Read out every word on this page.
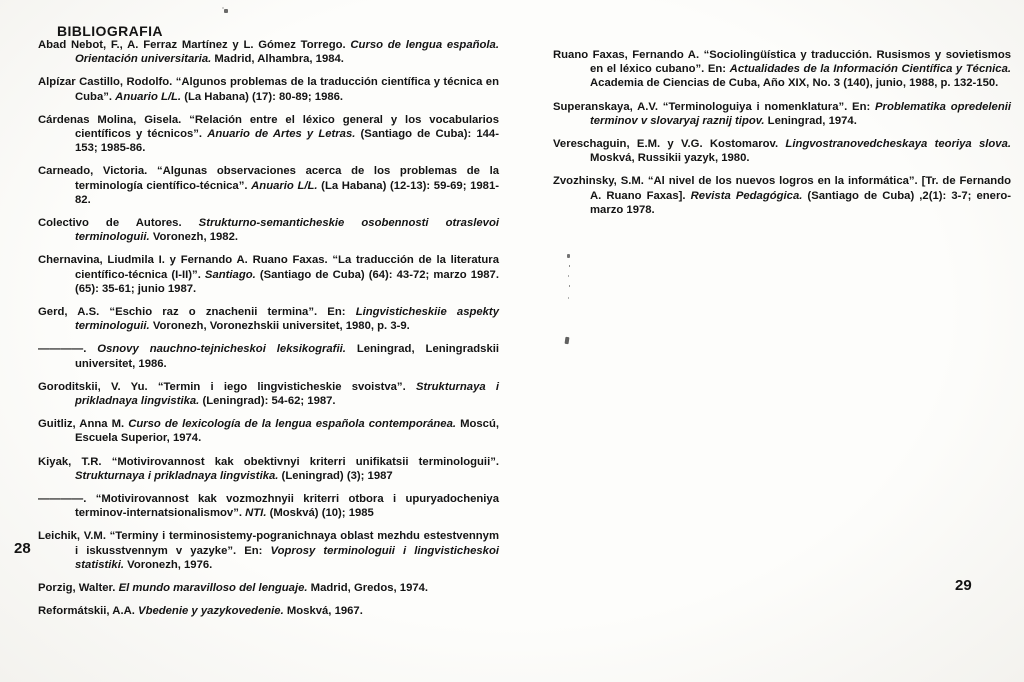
BIBLIOGRAFIA

Abad Nebot, F., A. Ferraz Martínez y L. Gómez Torrego. Curso de lengua española. Orientación universitaria. Madrid, Alhambra, 1984.

Alpízar Castillo, Rodolfo. “Algunos problemas de la traducción científica y técnica en Cuba”. Anuario L/L. (La Habana) (17): 80-89; 1986.

Cárdenas Molina, Gisela. “Relación entre el léxico general y los vocabularios científicos y técnicos”. Anuario de Artes y Letras. (Santiago de Cuba): 144-153; 1985-86.

Carneado, Victoria. “Algunas observaciones acerca de los problemas de la terminología científico-técnica”. Anuario L/L. (La Habana) (12-13): 59-69; 1981-82.

Colectivo de Autores. Strukturno-semanticheskie osobennosti otraslevoi terminologuii. Voronezh, 1982.

Chernavina, Liudmila I. y Fernando A. Ruano Faxas. “La traducción de la literatura científico-técnica (I-II)”. Santiago. (Santiago de Cuba) (64): 43-72; marzo 1987. (65): 35-61; junio 1987.

Gerd, A.S. “Eschio raz o znachenii termina”. En: Lingvisticheskiie aspekty terminologuii. Voronezh, Voronezhskii universitet, 1980, p. 3-9.

————. Osnovy nauchno-tejnicheskoi leksikografii. Leningrad, Leningradskii universitet, 1986.

Goroditskii, V. Yu. “Termin i iego lingvisticheskie svoistva”. Strukturnaya i prikladnaya lingvistika. (Leningrad): 54-62; 1987.

Guitliz, Anna M. Curso de lexicología de la lengua española contemporánea. Moscú, Escuela Superior, 1974.

Kiyak, T.R. “Motivirovannost kak obektivnyi kriterri unifikatsii terminologuii”. Strukturnaya i prikladnaya lingvistika. (Leningrad) (3); 1987

————. “Motivirovannost kak vozmozhnyii kriterri otbora i upuryadocheniya terminov-internatsionalismov”. NTI. (Moskvá) (10); 1985

Leichik, V.M. “Terminy i terminosistemy-pogranichnaya oblast mezhdu estestvennym i iskusstvennym v yazyke”. En: Voprosy terminologuii i lingvisticheskoi statistiki. Voronezh, 1976.

Porzig, Walter. El mundo maravilloso del lenguaje. Madrid, Gredos, 1974.

Reformátskii, A.A. Vbedenie y yazykovedenie. Moskvá, 1967.

Ruano Faxas, Fernando A. “Sociolingüística y traducción. Rusismos y sovietismos en el léxico cubano”. En: Actualidades de la Información Científica y Técnica. Academia de Ciencias de Cuba, Año XIX, No. 3 (140), junio, 1988, p. 132-150.

Superanskaya, A.V. “Terminologuiya i nomenklatura”. En: Problematika opredelenii terminov v slovaryaj raznij tipov. Leningrad, 1974.

Vereschaguin, E.M. y V.G. Kostomarov. Lingvostranovedcheskaya teoriya slova. Moskvá, Russikii yazyk, 1980.

Zvozhinsky, S.M. “Al nivel de los nuevos logros en la informática”. [Tr. de Fernando A. Ruano Faxas]. Revista Pedagógica. (Santiago de Cuba) ,2(1): 3-7; enero-marzo 1978.

28
29
